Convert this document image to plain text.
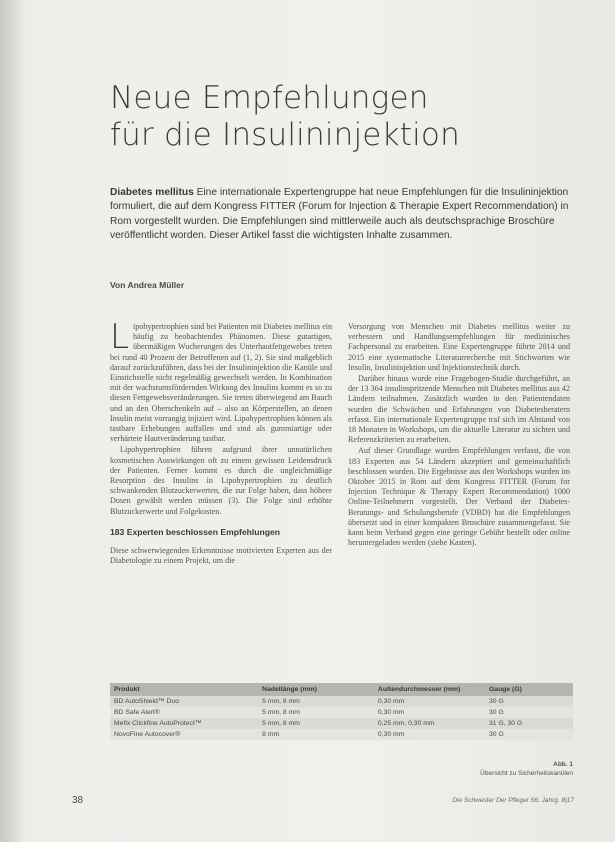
Neue Empfehlungen
für die Insulininjektion
Diabetes mellitus Eine internationale Expertengruppe hat neue Empfehlungen für die Insulininjektion formuliert, die auf dem Kongress FITTER (Forum for Injection & Therapie Expert Recommendation) in Rom vorgestellt wurden. Die Empfehlungen sind mittlerweile auch als deutschsprachige Broschüre veröffentlicht worden. Dieser Artikel fasst die wichtigsten Inhalte zusammen.
Von Andrea Müller

Lipohypertrophien sind bei Patienten mit Diabetes mellitus ein häufig zu beobachtendes Phänomen. Diese gutartigen, übermäßigen Wucherungen des Unterhautfettgewebes treten bei rund 40 Prozent der Betroffenen auf (1, 2). Sie sind maßgeblich darauf zurückzuführen, dass bei der Insulininjektion die Kanüle und Einstichstelle nicht regelmäßig gewechselt werden. In Kombination mit der wachstumsfördernden Wirkung des Insulins kommt es so zu diesen Fettgewebsveränderungen. Sie treten überwiegend am Bauch und an den Oberschenkeln auf – also an Körperstellen, an denen Insulin meist vorrangig injiziert wird. Lipohypertrophien können als tastbare Erhebungen auffallen und sind als gummiartige oder verhärtete Hautveränderung tastbar.

Lipohypertrophien führen aufgrund ihrer unnatürlichen kosmetischen Auswirkungen oft zu einem gewissen Leidensdruck der Patienten. Ferner kommt es durch die ungleichmäßige Resorption des Insulins in Lipohypertrophien zu deutlich schwankenden Blutzuckerwerten, die zur Folge haben, dass höhere Dosen gewählt werden müssen (3). Die Folge sind erhöhte Blutzuckerwerte und Folgekosten.

183 Experten beschlossen Empfehlungen

Diese schwerwiegenden Erkenntnisse motivierten Experten aus der Diabetologie zu einem Projekt, um die

Versorgung von Menschen mit Diabetes mellitus weiter zu verbessern und Handlungsempfehlungen für medizinisches Fachpersonal zu erarbeiten. Eine Expertengruppe führte 2014 und 2015 eine systematische Literaturrecherche mit Stichworten wie Insulin, Insulininjektion und Injektionstechnik durch.

Darüber hinaus wurde eine Fragebogen-Studie durchgeführt, an der 13 364 insulinspritzende Menschen mit Diabetes mellitus aus 42 Ländern teilnahmen. Zusätzlich wurden in den Patientendaten wurden die Schwächen und Erfahrungen von Diabetesberatern erfasst. Ein internationale Expertengruppe traf sich im Abstand von 18 Monaten in Workshops, um die aktuelle Literatur zu sichten und Referenzkriterien zu erarbeiten.

Auf dieser Grundlage wurden Empfehlungen verfasst, die von 183 Experten aus 54 Ländern akzeptiert und gemeinschaftlich beschlossen wurden. Die Ergebnisse aus den Workshops wurden im Oktober 2015 in Rom auf dem Kongress FITTER (Forum for Injection Technique & Therapy Expert Recommendation) 1000 Online-Teilnehmern vorgestellt. Der Verband der Diabetes-Beratungs- und Schulungsberufe (VDBD) hat die Empfehlungen übersetzt und in einer kompakten Broschüre zusammengefasst. Sie kann beim Verband gegen eine geringe Gebühr bestellt oder online heruntergeladen werden (siehe Kasten).

Produkt	Nadellänge (mm)	Außendurchmesser (mm)	Gauge (G)
BD AutoShield™ Duo	5 mm, 8 mm	0,30 mm	30 G
BD Safe Alert®	5 mm, 8 mm	0,30 mm	30 G
Mefix Clickfine AutoProtect™	5 mm, 8 mm	0,25 mm, 0,30 mm	31 G, 30 G
NovoFine Autocover®	8 mm	0,30 mm	30 G
Abb. 1
Übersicht zu Sicherheitskanülen
38	Die Schwester Der Pfleger 56. Jahrg. 8|17
